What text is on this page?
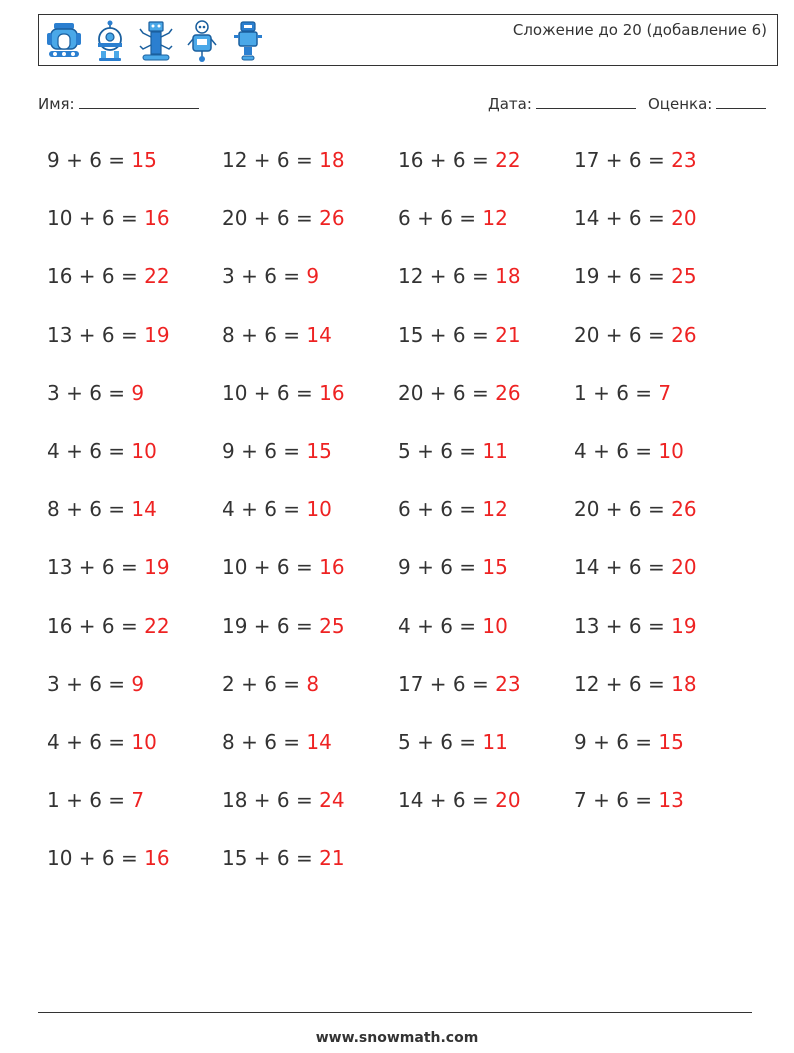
Сложение до 20 (добавление 6)
Имя:	Дата:	Оценка:
9 + 6 = 15
10 + 6 = 16
16 + 6 = 22
13 + 6 = 19
3 + 6 = 9
4 + 6 = 10
8 + 6 = 14
13 + 6 = 19
16 + 6 = 22
3 + 6 = 9
4 + 6 = 10
1 + 6 = 7
10 + 6 = 16
12 + 6 = 18
20 + 6 = 26
3 + 6 = 9
8 + 6 = 14
10 + 6 = 16
9 + 6 = 15
4 + 6 = 10
10 + 6 = 16
19 + 6 = 25
2 + 6 = 8
8 + 6 = 14
18 + 6 = 24
15 + 6 = 21
16 + 6 = 22
6 + 6 = 12
12 + 6 = 18
15 + 6 = 21
20 + 6 = 26
5 + 6 = 11
6 + 6 = 12
9 + 6 = 15
4 + 6 = 10
17 + 6 = 23
5 + 6 = 11
14 + 6 = 20
17 + 6 = 23
14 + 6 = 20
19 + 6 = 25
20 + 6 = 26
1 + 6 = 7
4 + 6 = 10
20 + 6 = 26
14 + 6 = 20
13 + 6 = 19
12 + 6 = 18
9 + 6 = 15
7 + 6 = 13
www.snowmath.com
